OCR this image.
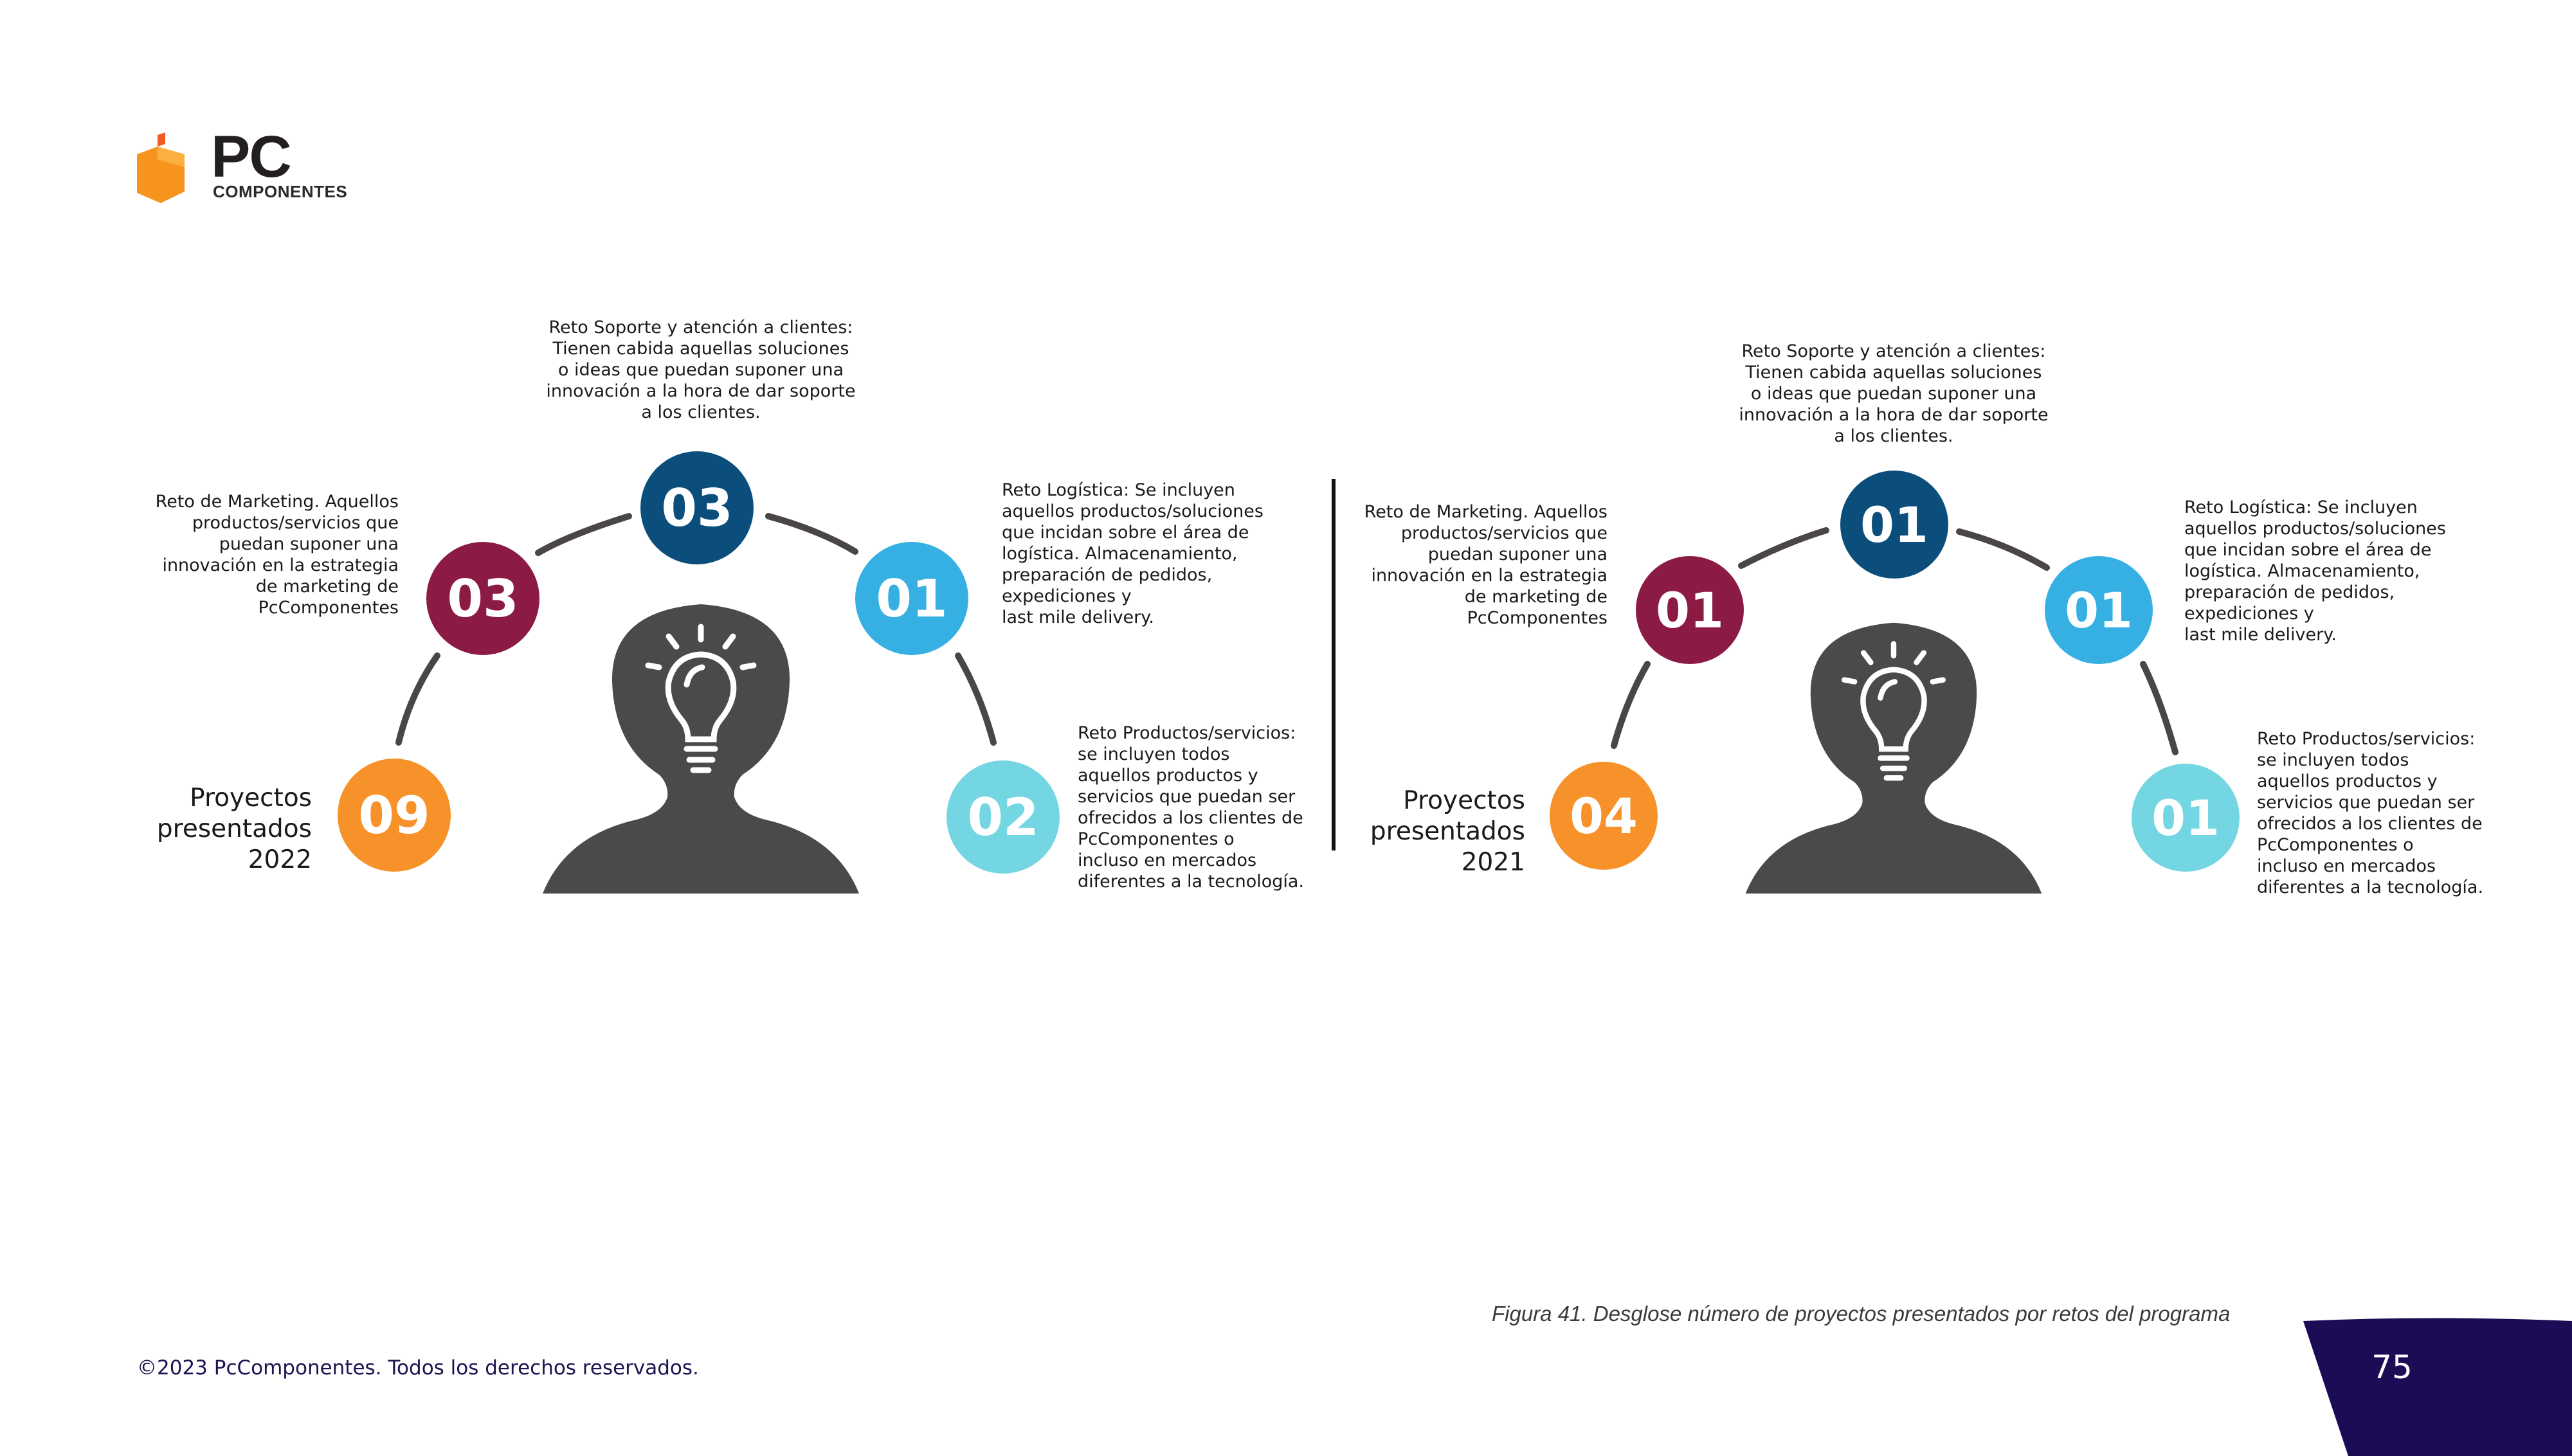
PC
COMPONENTES
03
03	01
09	02
Reto Soporte y atención a clientes:
Tienen cabida aquellas soluciones
o ideas que puedan suponer una
innovación a la hora de dar soporte
a los clientes.
Reto de Marketing. Aquellos
productos/servicios que
puedan suponer una
innovación en la estrategia
de marketing de
PcComponentes
Reto Logística: Se incluyen
aquellos productos/soluciones
que incidan sobre el área de
logística. Almacenamiento,
preparación de pedidos,
expediciones y
last mile delivery.
Reto Productos/servicios:
se incluyen todos
aquellos productos y
servicios que puedan ser
ofrecidos a los clientes de
PcComponentes o
incluso en mercados
diferentes a la tecnología.
Proyectos
presentados
2022
01
01	01
04	01
Reto Soporte y atención a clientes:
Tienen cabida aquellas soluciones
o ideas que puedan suponer una
innovación a la hora de dar soporte
a los clientes.
Reto de Marketing. Aquellos
productos/servicios que
puedan suponer una
innovación en la estrategia
de marketing de
PcComponentes
Reto Logística: Se incluyen
aquellos productos/soluciones
que incidan sobre el área de
logística. Almacenamiento,
preparación de pedidos,
expediciones y
last mile delivery.
Reto Productos/servicios:
se incluyen todos
aquellos productos y
servicios que puedan ser
ofrecidos a los clientes de
PcComponentes o
incluso en mercados
diferentes a la tecnología.
Proyectos
presentados
2021
Figura 41. Desglose número de proyectos presentados por retos del programa
©2023 PcComponentes. Todos los derechos reservados.	75
